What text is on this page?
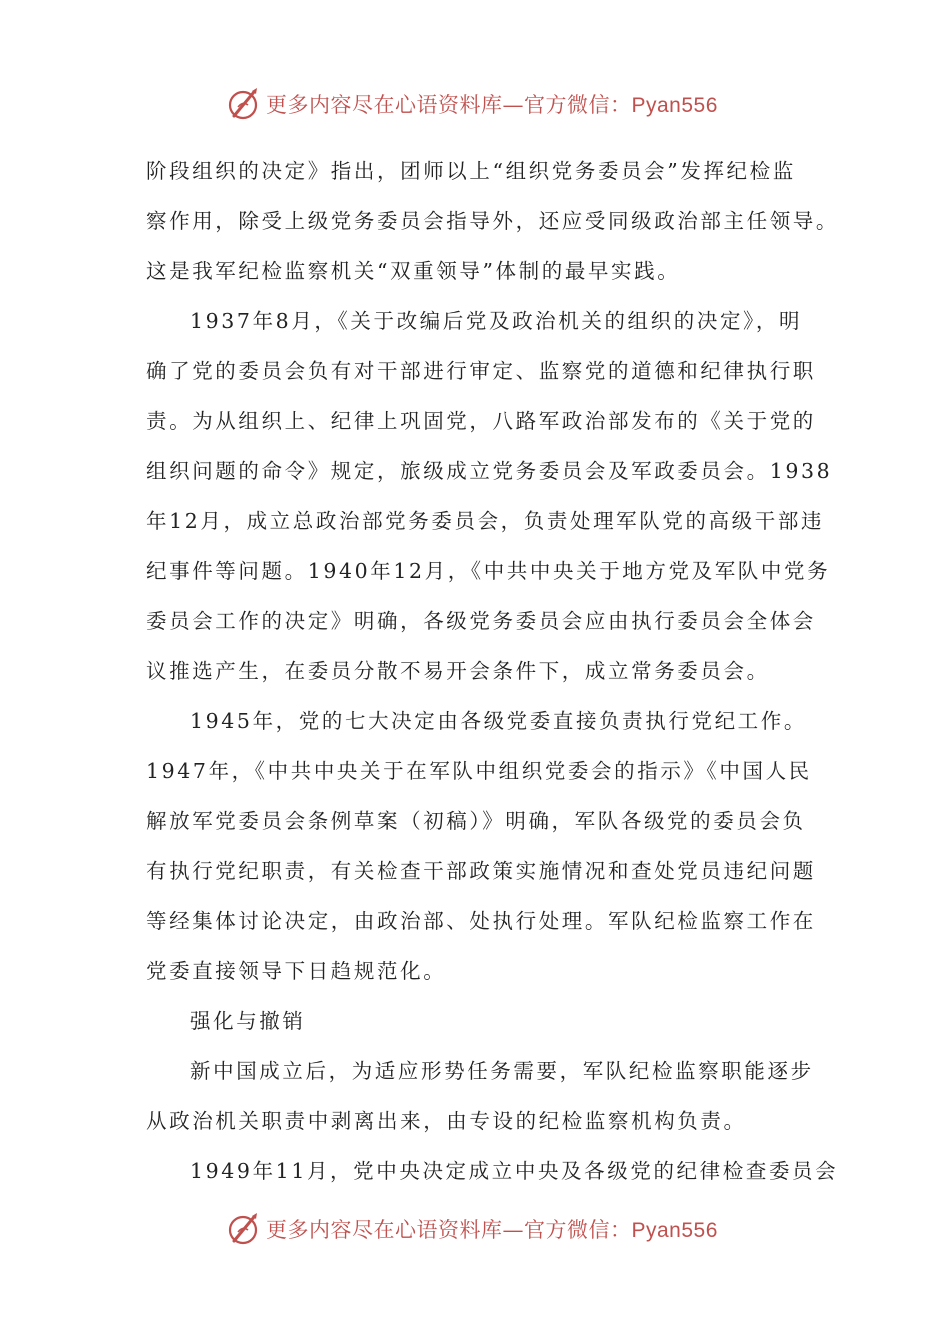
更多内容尽在心语资料库—官方微信：Pyan556
阶段组织的决定》指出，团师以上“组织党务委员会”发挥纪检监
察作用，除受上级党务委员会指导外，还应受同级政治部主任领导。
这是我军纪检监察机关“双重领导”体制的最早实践。
1937年8月，《关于改编后党及政治机关的组织的决定》，明
确了党的委员会负有对干部进行审定、监察党的道德和纪律执行职
责。为从组织上、纪律上巩固党，八路军政治部发布的《关于党的
组织问题的命令》规定，旅级成立党务委员会及军政委员会。1938
年12月，成立总政治部党务委员会，负责处理军队党的高级干部违
纪事件等问题。1940年12月，《中共中央关于地方党及军队中党务
委员会工作的决定》明确，各级党务委员会应由执行委员会全体会
议推选产生，在委员分散不易开会条件下，成立常务委员会。
1945年，党的七大决定由各级党委直接负责执行党纪工作。
1947年，《中共中央关于在军队中组织党委会的指示》《中国人民
解放军党委员会条例草案（初稿）》明确，军队各级党的委员会负
有执行党纪职责，有关检查干部政策实施情况和查处党员违纪问题
等经集体讨论决定，由政治部、处执行处理。军队纪检监察工作在
党委直接领导下日趋规范化。
强化与撤销
新中国成立后，为适应形势任务需要，军队纪检监察职能逐步
从政治机关职责中剥离出来，由专设的纪检监察机构负责。
1949年11月，党中央决定成立中央及各级党的纪律检查委员会
更多内容尽在心语资料库—官方微信：Pyan556
